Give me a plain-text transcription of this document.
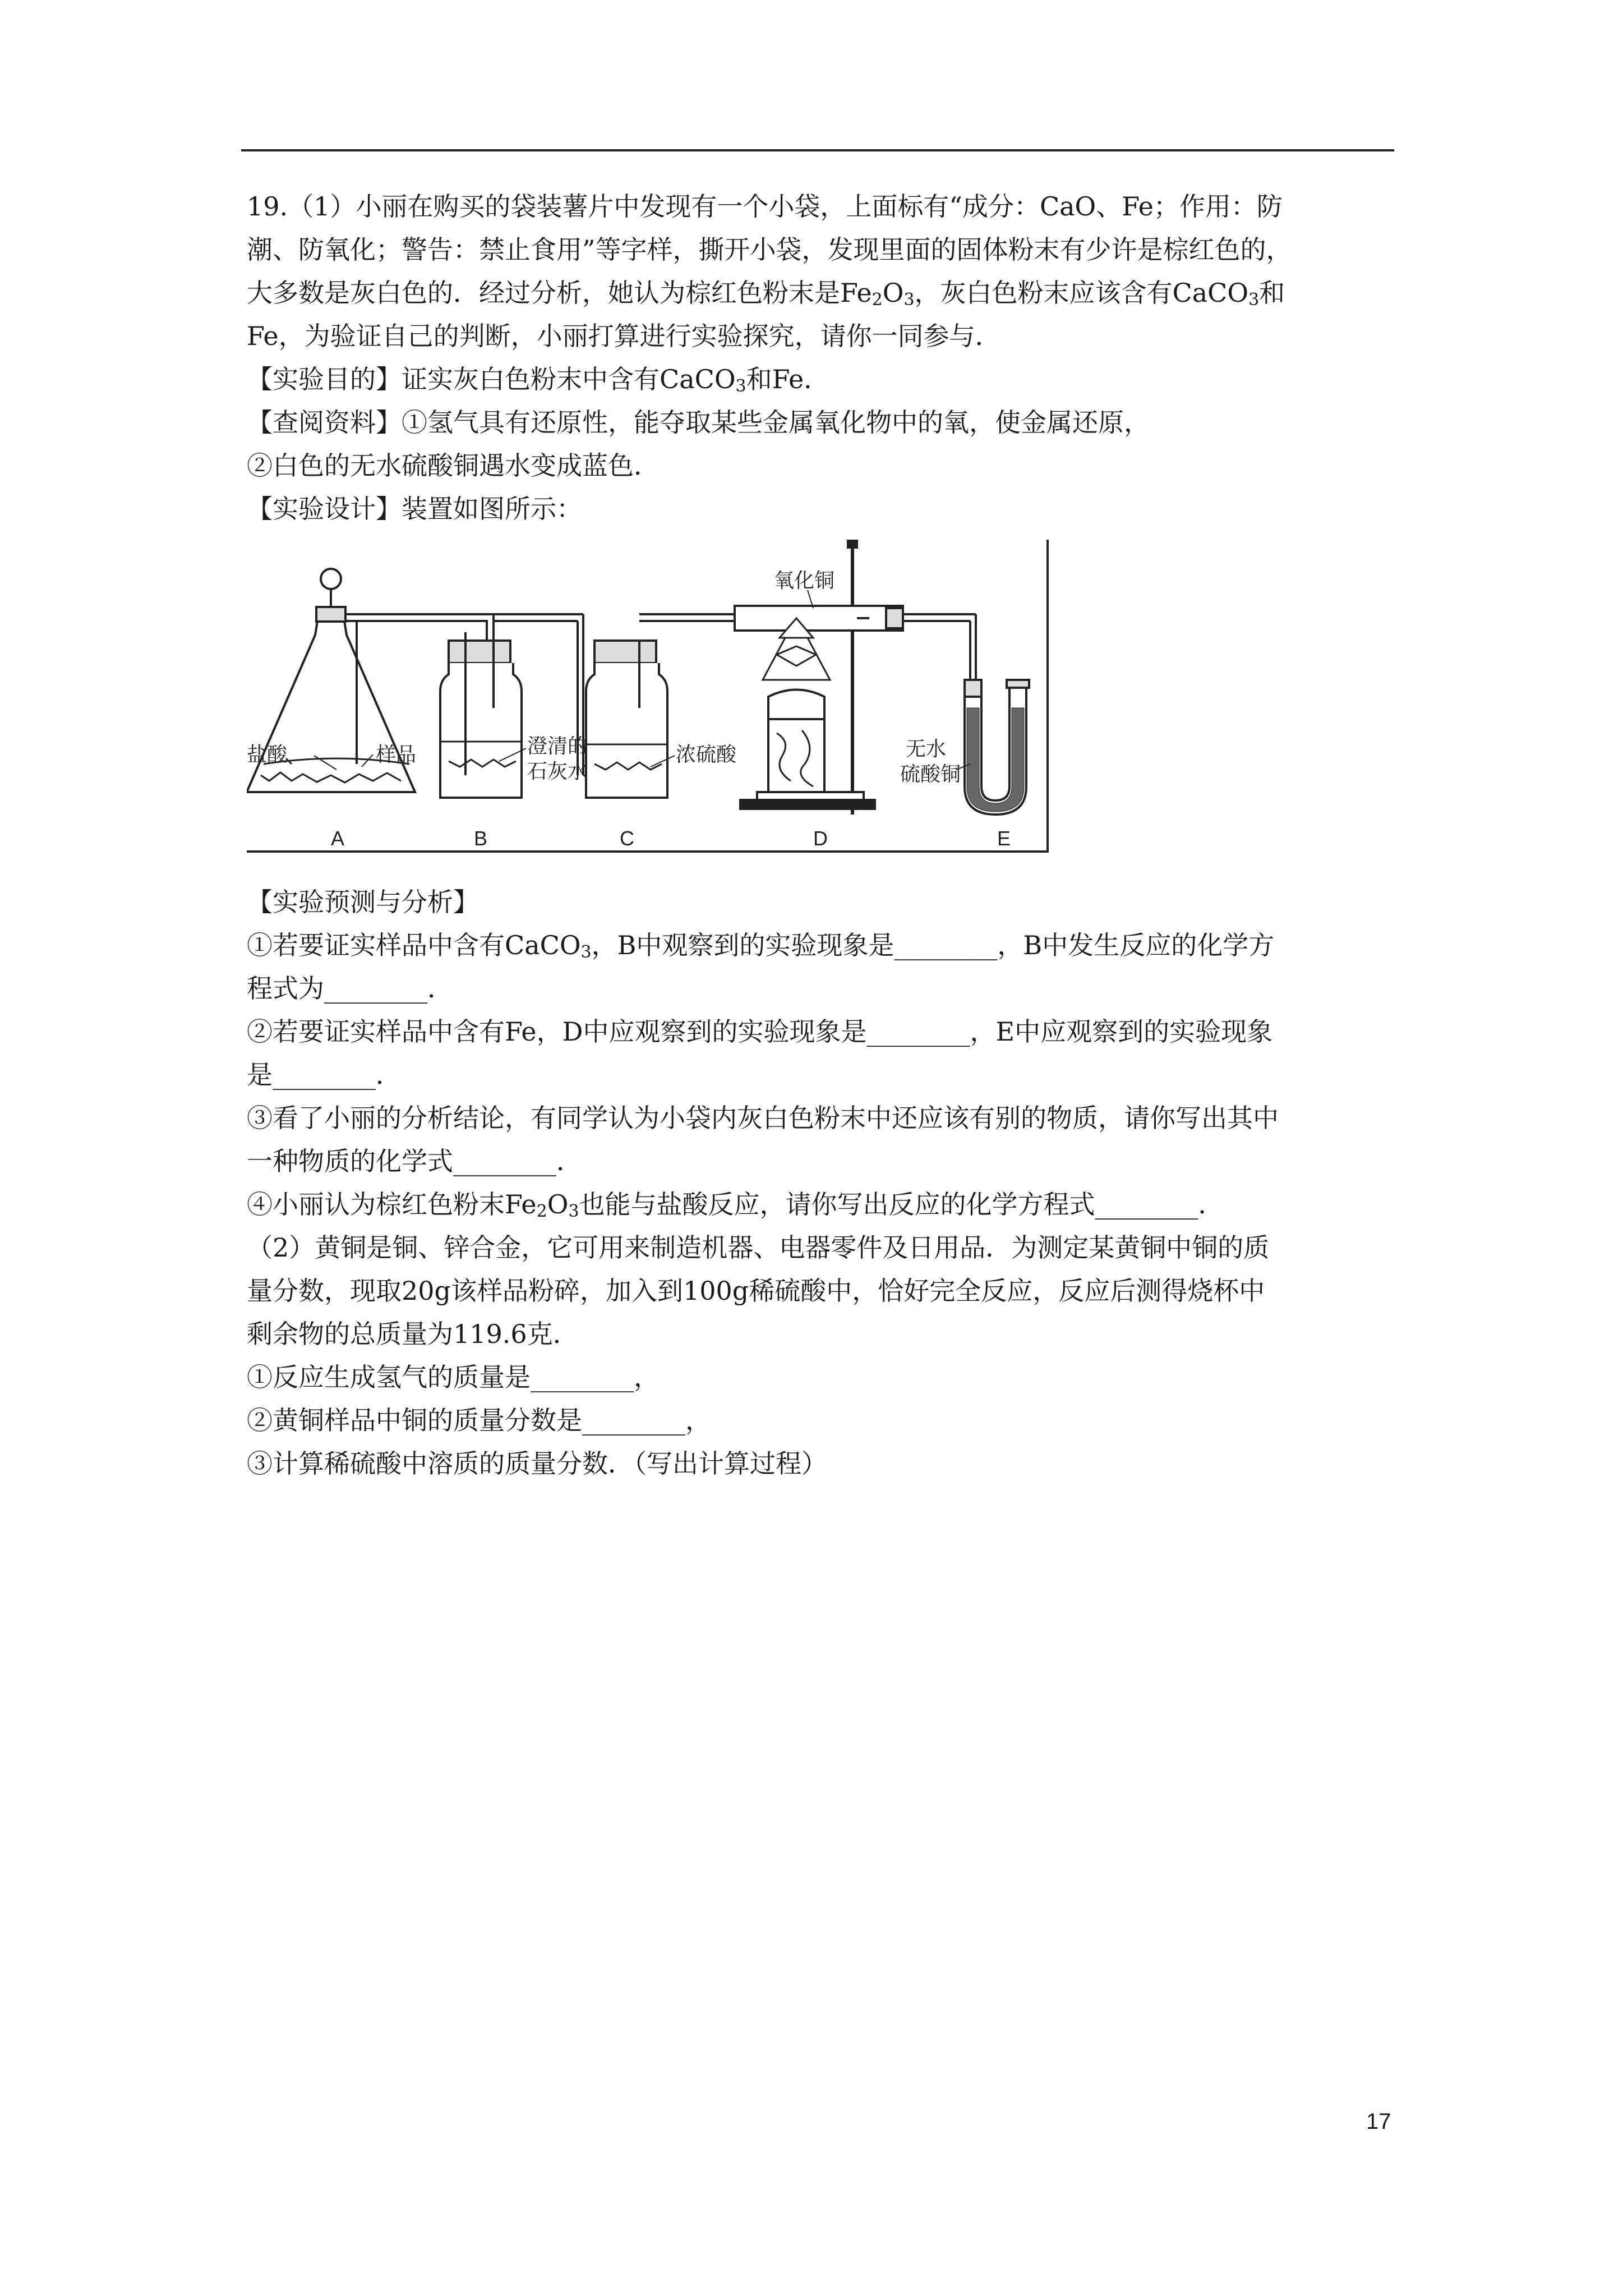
19.（1）小丽在购买的袋装薯片中发现有一个小袋，上面标有“成分：CaO、Fe；作用：防
潮、防氧化；警告：禁止食用”等字样，撕开小袋，发现里面的固体粉末有少许是棕红色的，
大多数是灰白色的．经过分析，她认为棕红色粉末是$Fe_2O_3$，灰白色粉末应该含有CaCO$_3$和
Fe，为验证自己的判断，小丽打算进行实验探究，请你一同参与．
【实验目的】证实灰白色粉末中含有CaCO$_3$和Fe．
【查阅资料】①氢气具有还原性，能夺取某些金属氧化物中的氧，使金属还原，
②白色的无水硫酸铜遇水变成蓝色．
【实验设计】装置如图所示：
盐酸	样品	澄清的
石灰水
浓硫酸
氧化铜
无水
硫酸铜
A	B	C	D	E
【实验预测与分析】
①若要证实样品中含有CaCO$_3$，B中观察到的实验现象是________，B中发生反应的化学方
程式为________．
②若要证实样品中含有Fe，D中应观察到的实验现象是________，E中应观察到的实验现象
是________．
③看了小丽的分析结论，有同学认为小袋内灰白色粉末中还应该有别的物质，请你写出其中
一种物质的化学式________．
④小丽认为棕红色粉末$Fe_2O_3$也能与盐酸反应，请你写出反应的化学方程式________．
（2）黄铜是铜、锌合金，它可用来制造机器、电器零件及日用品．为测定某黄铜中铜的质
量分数，现取20g该样品粉碎，加入到100g稀硫酸中，恰好完全反应，反应后测得烧杯中
剩余物的总质量为119.6克．
①反应生成氢气的质量是________，
②黄铜样品中铜的质量分数是________，
③计算稀硫酸中溶质的质量分数．（写出计算过程）
17
